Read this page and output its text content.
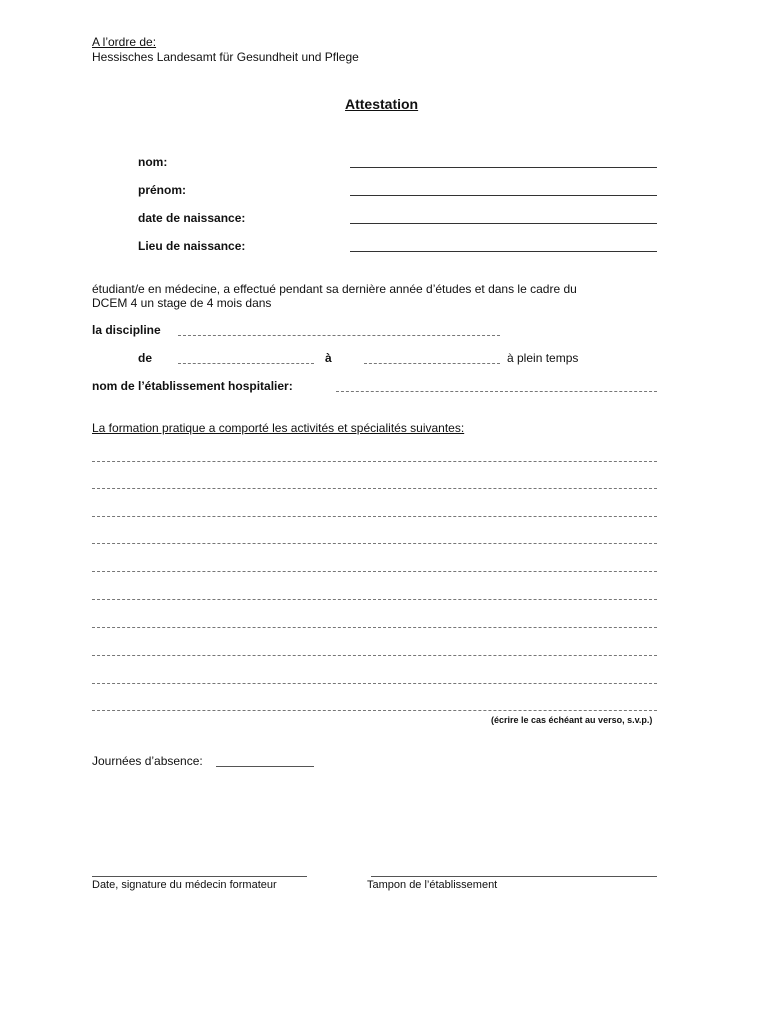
A l’ordre de:
Hessisches Landesamt für Gesundheit und Pflege
Attestation
nom:
prénom:
date de naissance:
Lieu de naissance:
étudiant/e en médecine, a effectué pendant sa dernière année d’études et dans le cadre du
DCEM 4 un stage de 4 mois dans
la discipline
de	à	à plein temps
nom de l’établissement hospitalier:
La formation pratique a comporté les activités et spécialités suivantes:
(écrire le cas échéant au verso, s.v.p.)
Journées d’absence:
Date, signature du médecin formateur	Tampon de l’établissement
